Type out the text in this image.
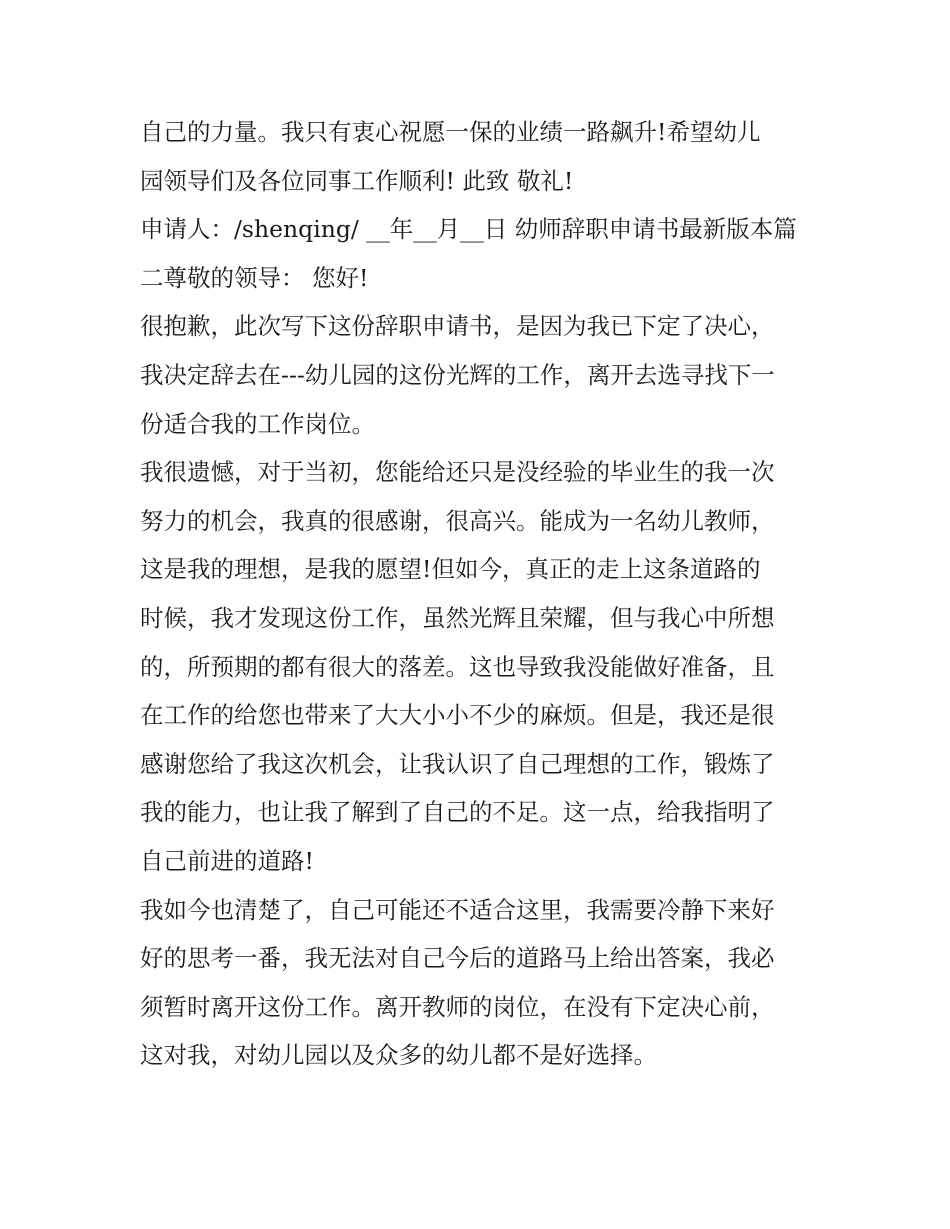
自己的力量。我只有衷心祝愿一保的业绩一路飙升!希望幼儿
园领导们及各位同事工作顺利! 此致 敬礼!
申请人：/shenqing/ __年__月__日 幼师辞职申请书最新版本篇
二尊敬的领导： 您好!
很抱歉，此次写下这份辞职申请书，是因为我已下定了决心，
我决定辞去在---幼儿园的这份光辉的工作，离开去选寻找下一
份适合我的工作岗位。
我很遗憾，对于当初，您能给还只是没经验的毕业生的我一次
努力的机会，我真的很感谢，很高兴。能成为一名幼儿教师，
这是我的理想，是我的愿望!但如今，真正的走上这条道路的
时候，我才发现这份工作，虽然光辉且荣耀，但与我心中所想
的，所预期的都有很大的落差。这也导致我没能做好准备，且
在工作的给您也带来了大大小小不少的麻烦。但是，我还是很
感谢您给了我这次机会，让我认识了自己理想的工作，锻炼了
我的能力，也让我了解到了自己的不足。这一点，给我指明了
自己前进的道路!
我如今也清楚了，自己可能还不适合这里，我需要冷静下来好
好的思考一番，我无法对自己今后的道路马上给出答案，我必
须暂时离开这份工作。离开教师的岗位，在没有下定决心前，
这对我，对幼儿园以及众多的幼儿都不是好选择。
